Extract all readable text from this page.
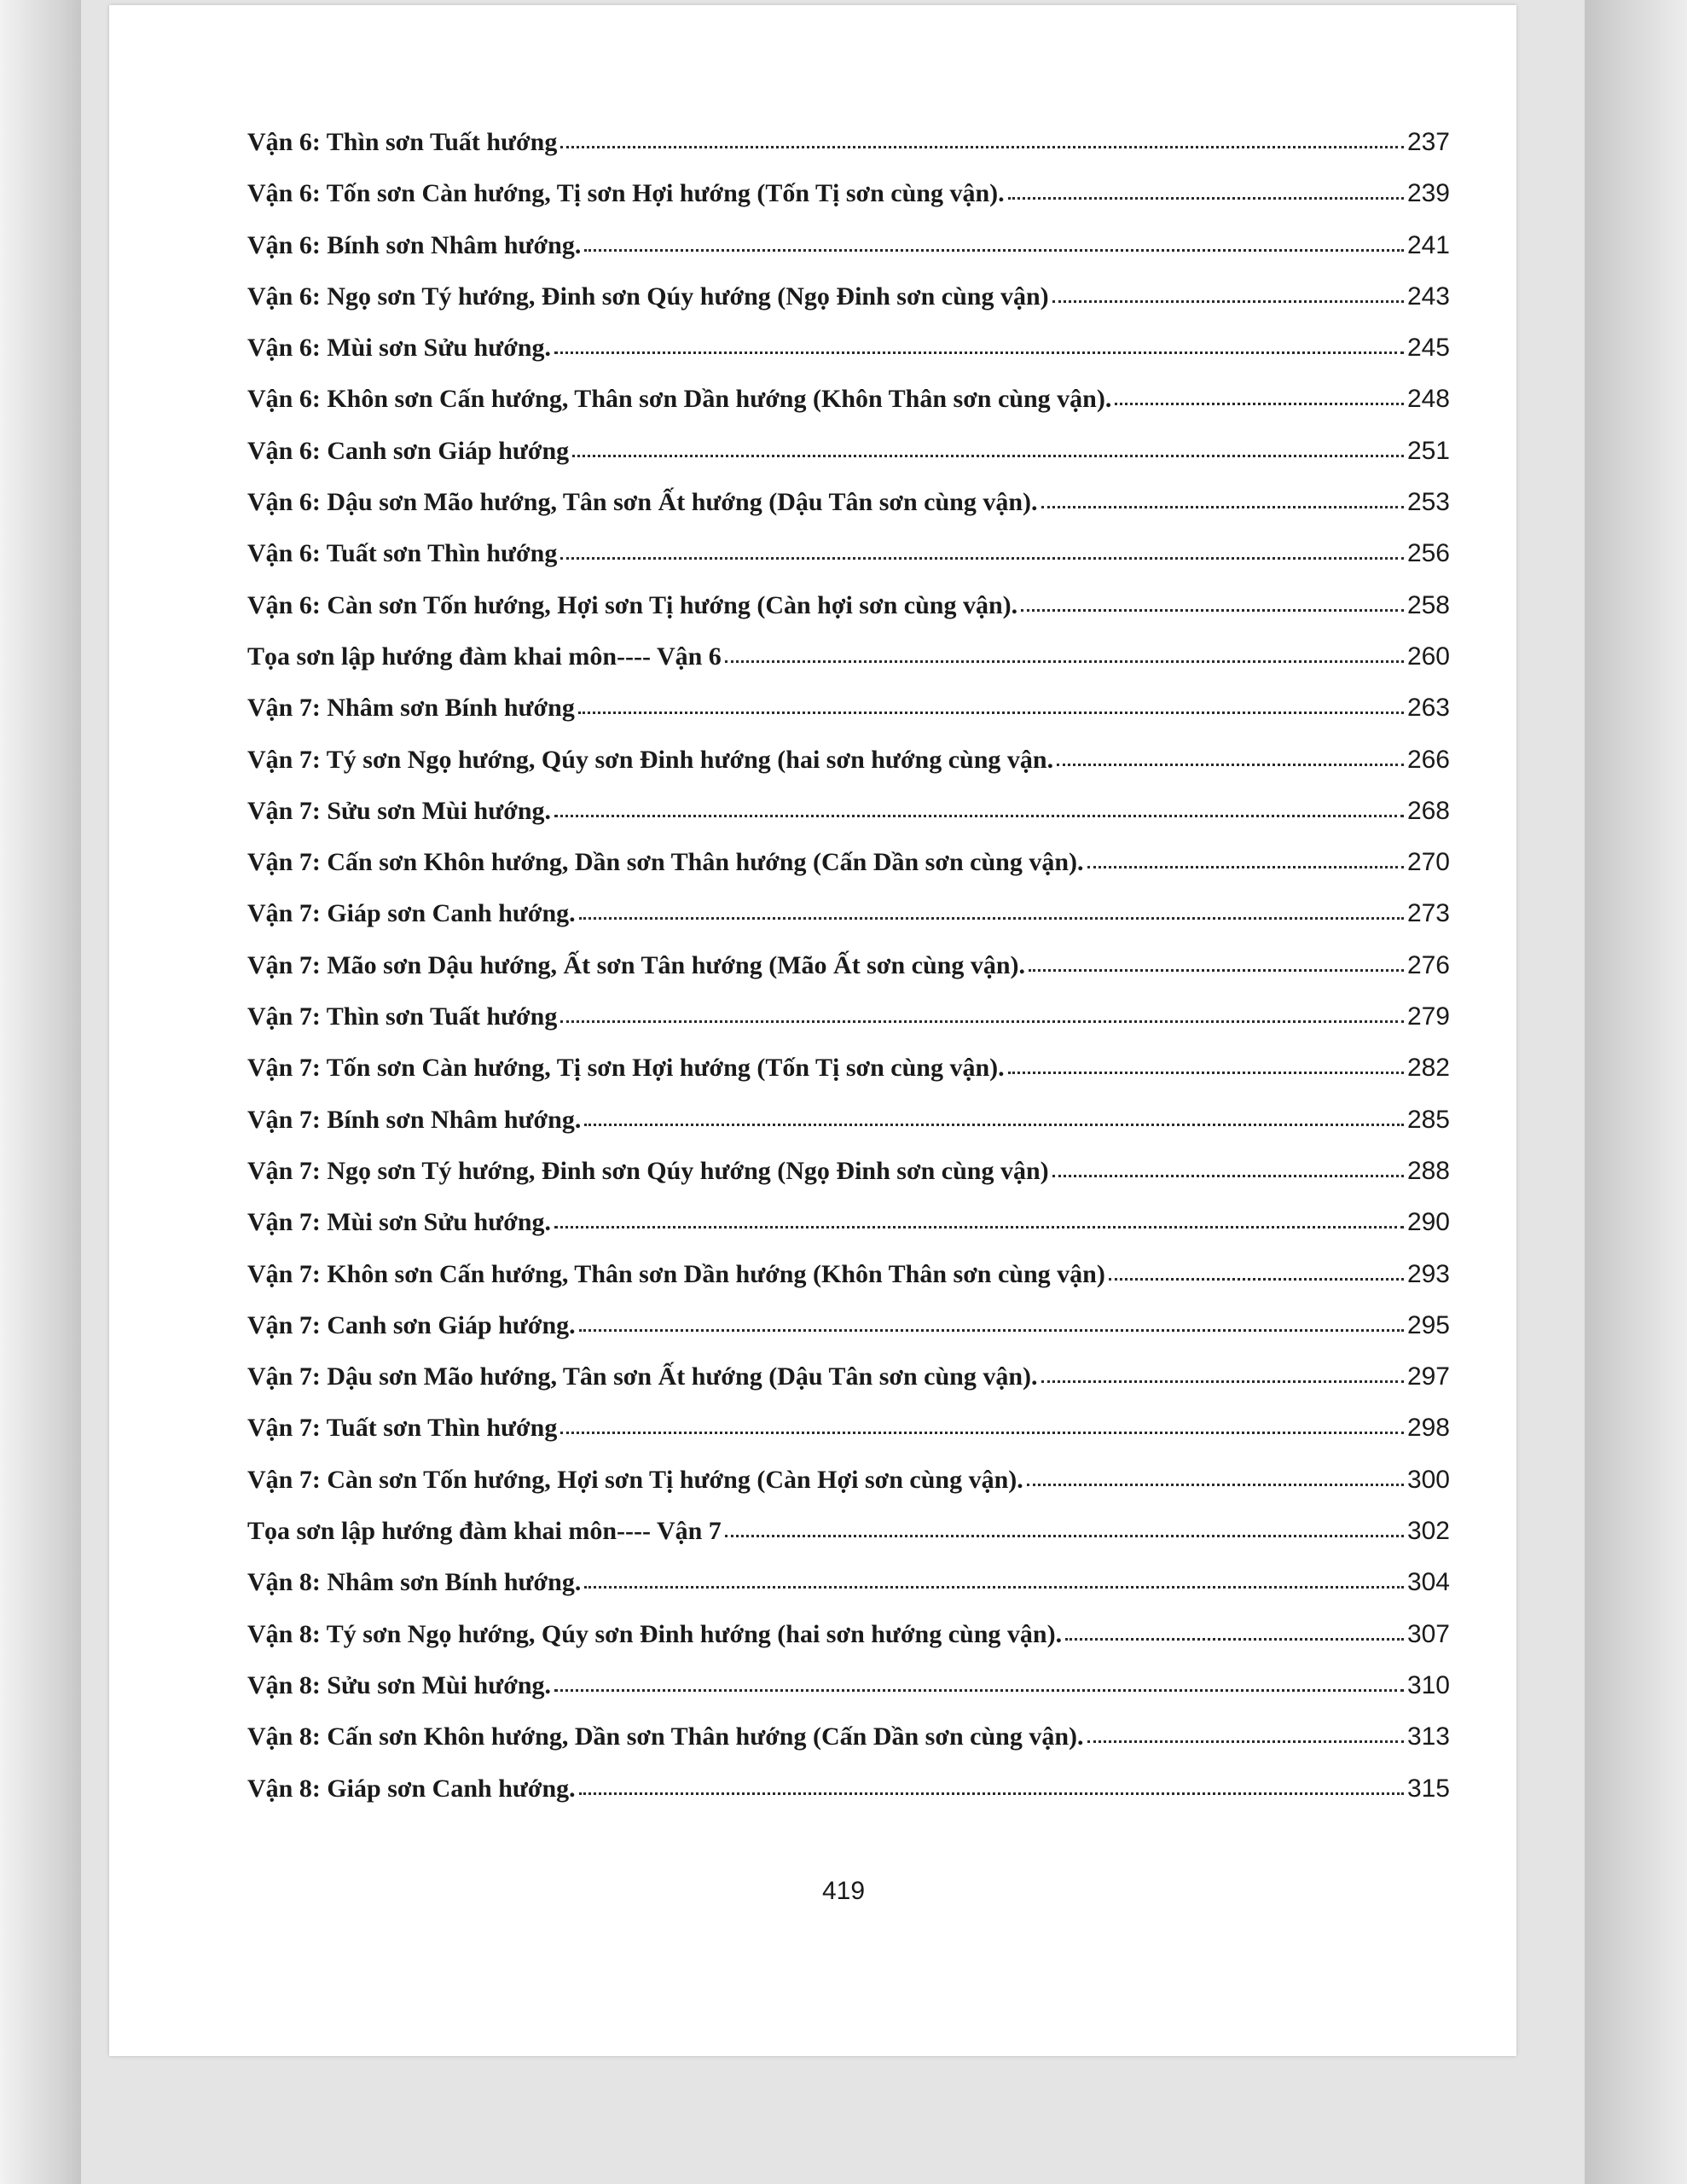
Vận 6: Thìn sơn Tuất hướng	237
Vận 6: Tốn sơn Càn hướng, Tị sơn Hợi hướng (Tốn Tị sơn cùng vận).	239
Vận 6: Bính sơn Nhâm hướng.	241
Vận 6: Ngọ sơn Tý hướng, Đinh sơn Qúy hướng (Ngọ Đinh sơn cùng vận)	243
Vận 6: Mùi sơn Sửu hướng.	245
Vận 6: Khôn sơn Cấn hướng, Thân sơn Dần hướng (Khôn Thân sơn cùng vận).	248
Vận 6: Canh sơn Giáp hướng	251
Vận 6: Dậu sơn Mão hướng, Tân sơn Ất hướng (Dậu Tân sơn cùng vận).	253
Vận 6: Tuất sơn Thìn hướng	256
Vận 6: Càn sơn Tốn hướng, Hợi sơn Tị hướng (Càn hợi sơn cùng vận).	258
Tọa sơn lập hướng đàm khai môn---- Vận 6	260
Vận 7: Nhâm sơn Bính hướng	263
Vận 7: Tý sơn Ngọ hướng, Qúy sơn Đinh hướng (hai sơn hướng cùng vận.	266
Vận 7: Sửu sơn Mùi hướng.	268
Vận 7: Cấn sơn Khôn hướng, Dần sơn Thân hướng (Cấn Dần sơn cùng vận).	270
Vận 7: Giáp sơn Canh hướng.	273
Vận 7: Mão sơn Dậu hướng, Ất sơn Tân hướng (Mão Ất sơn cùng vận).	276
Vận 7: Thìn sơn Tuất hướng	279
Vận 7: Tốn sơn Càn hướng, Tị sơn Hợi hướng (Tốn Tị sơn cùng vận).	282
Vận 7: Bính sơn Nhâm hướng.	285
Vận 7: Ngọ sơn Tý hướng, Đinh sơn Qúy hướng (Ngọ Đinh sơn cùng vận)	288
Vận 7: Mùi sơn Sửu hướng.	290
Vận 7: Khôn sơn Cấn hướng, Thân sơn Dần hướng (Khôn Thân sơn cùng vận)	293
Vận 7: Canh sơn Giáp hướng.	295
Vận 7: Dậu sơn Mão hướng, Tân sơn Ất hướng (Dậu Tân sơn cùng vận).	297
Vận 7: Tuất sơn Thìn hướng	298
Vận 7: Càn sơn Tốn hướng, Hợi sơn Tị hướng (Càn Hợi sơn cùng vận).	300
Tọa sơn lập hướng đàm khai môn---- Vận 7	302
Vận 8: Nhâm sơn Bính hướng.	304
Vận 8: Tý sơn Ngọ hướng, Qúy sơn Đinh hướng (hai sơn hướng cùng vận).	307
Vận 8: Sửu sơn Mùi hướng.	310
Vận 8: Cấn sơn Khôn hướng, Dần sơn Thân hướng (Cấn Dần sơn cùng vận).	313
Vận 8: Giáp sơn Canh hướng.	315
419
